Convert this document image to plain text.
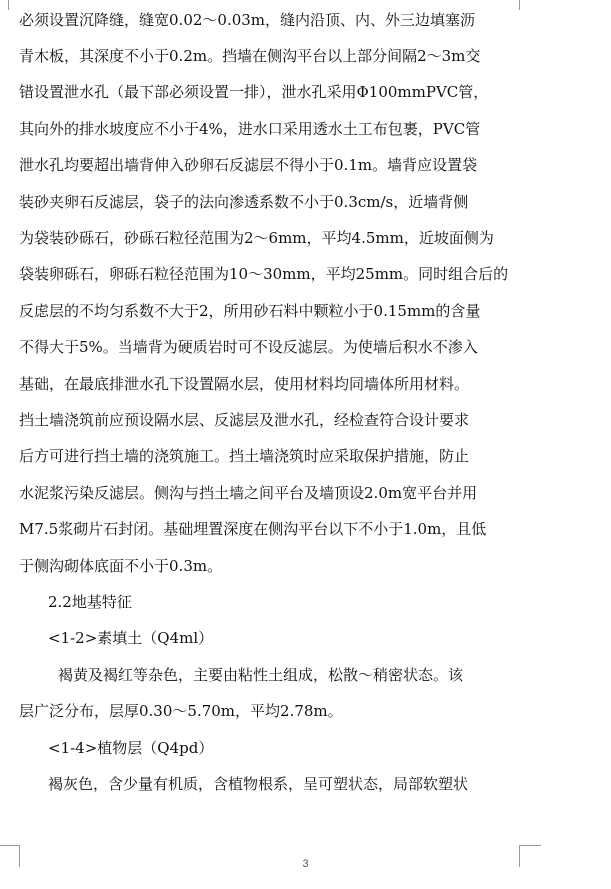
必须设置沉降缝，缝宽0.02～0.03m，缝内沿顶、内、外三边填塞沥
青木板，其深度不小于0.2m。挡墙在侧沟平台以上部分间隔2～3m交
错设置泄水孔（最下部必须设置一排），泄水孔采用Φ100mmPVC管，
其向外的排水坡度应不小于4%，进水口采用透水土工布包裹，PVC管
泄水孔均要超出墙背伸入砂卵石反滤层不得小于0.1m。墙背应设置袋
装砂夹卵石反滤层，袋子的法向渗透系数不小于0.3cm/s，近墙背侧
为袋装砂砾石，砂砾石粒径范围为2～6mm，平均4.5mm，近坡面侧为
袋装卵砾石，卵砾石粒径范围为10～30mm，平均25mm。同时组合后的
反虑层的不均匀系数不大于2，所用砂石料中颗粒小于0.15mm的含量
不得大于5%。当墙背为硬质岩时可不设反滤层。为使墙后积水不渗入
基础，在最底排泄水孔下设置隔水层，使用材料均同墙体所用材料。
挡土墙浇筑前应预设隔水层、反滤层及泄水孔，经检查符合设计要求
后方可进行挡土墙的浇筑施工。挡土墙浇筑时应采取保护措施，防止
水泥浆污染反滤层。侧沟与挡土墙之间平台及墙顶设2.0m宽平台并用
M7.5浆砌片石封闭。基础埋置深度在侧沟平台以下不小于1.0m，且低
于侧沟砌体底面不小于0.3m。
2.2地基特征
<1-2>素填土（Q4ml）
褐黄及褐红等杂色，主要由粘性土组成，松散～稍密状态。该
层广泛分布，层厚0.30～5.70m，平均2.78m。
<1-4>植物层（Q4pd）
褐灰色，含少量有机质，含植物根系，呈可塑状态，局部软塑状
3
